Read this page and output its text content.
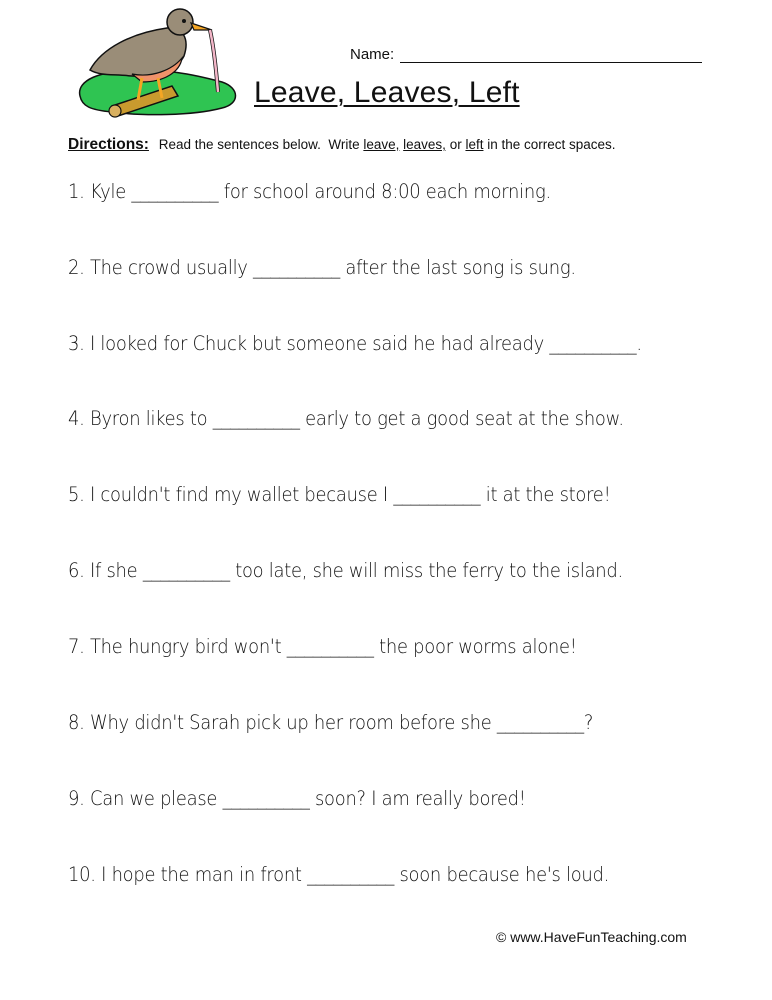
Name:
Leave, Leaves, Left
Directions: Read the sentences below.  Write leave, leaves, or left in the correct spaces.
1. Kyle __________ for school around 8:00 each morning.
2. The crowd usually __________ after the last song is sung.
3. I looked for Chuck but someone said he had already __________.
4. Byron likes to __________ early to get a good seat at the show.
5. I couldn't find my wallet because I __________ it at the store!
6. If she __________ too late, she will miss the ferry to the island.
7. The hungry bird won't __________ the poor worms alone!
8. Why didn't Sarah pick up her room before she __________?
9. Can we please __________ soon? I am really bored!
10. I hope the man in front __________ soon because he's loud.
© www.HaveFunTeaching.com
